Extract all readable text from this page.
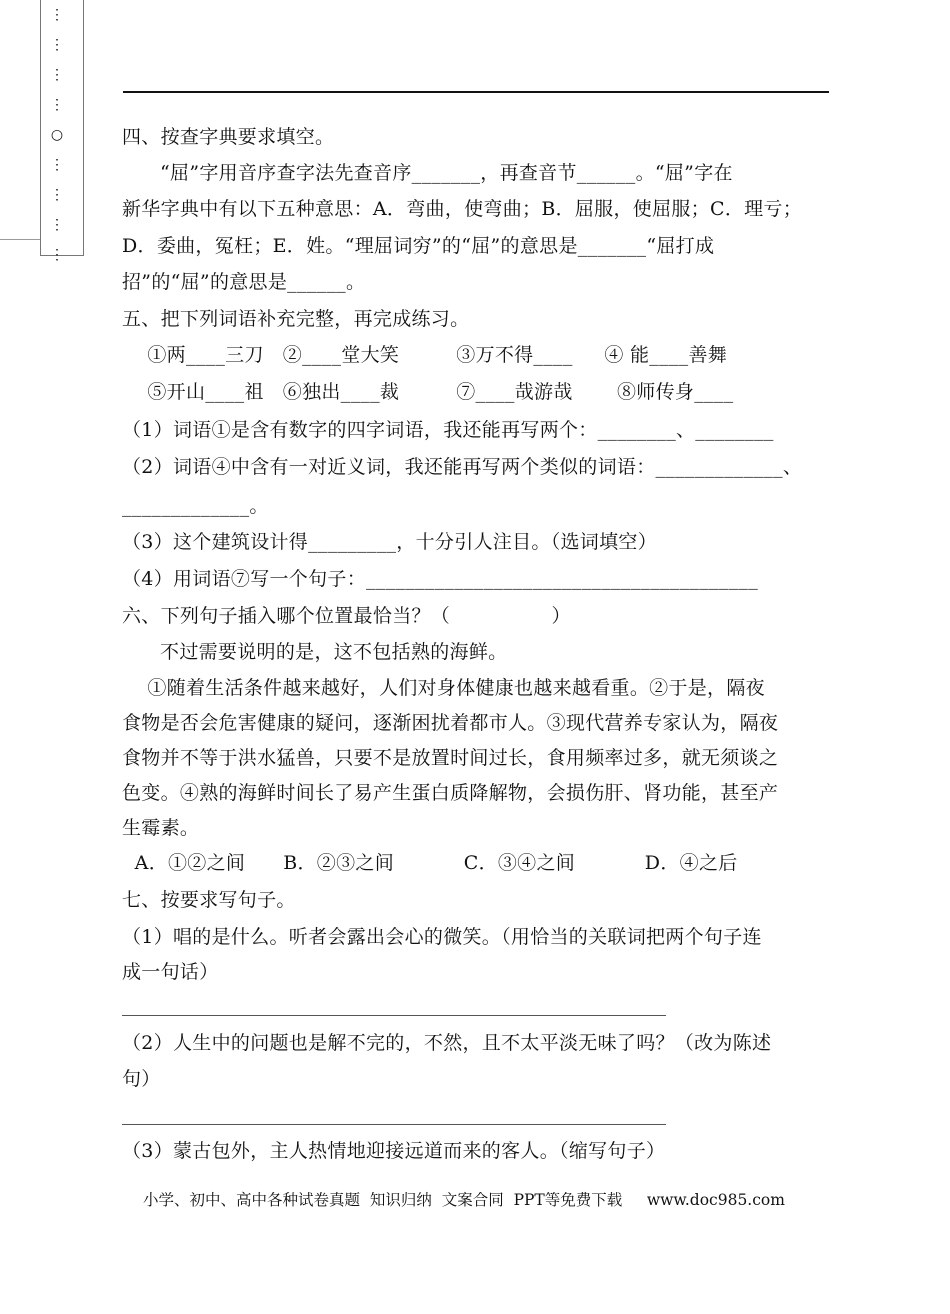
⋮
⋮
⋮
⋮
○
⋮
⋮
⋮
⋮
四、按查字典要求填空。
“屈”字用音序查字法先查音序_______，再查音节______。“屈”字在
新华字典中有以下五种意思：A．弯曲，使弯曲；B．屈服，使屈服；C．理亏；
D．委曲，冤枉；E．姓。“理屈词穷”的“屈”的意思是_______“屈打成
招”的“屈”的意思是______。
五、把下列词语补充完整，再完成练习。
①两____三刀   ②____堂大笑         ③万不得____     ④ 能____善舞
⑤开山____祖   ⑥独出____裁         ⑦____哉游哉       ⑧师传身____
（1）词语①是含有数字的四字词语，我还能再写两个：________、________
（2）词语④中含有一对近义词，我还能再写两个类似的词语：_____________、
_____________。
（3）这个建筑设计得_________，十分引人注目。（选词填空）
（4）用词语⑦写一个句子：________________________________________
六、下列句子插入哪个位置最恰当？（                ）
不过需要说明的是，这不包括熟的海鲜。
①随着生活条件越来越好，人们对身体健康也越来越看重。②于是，隔夜
食物是否会危害健康的疑问，逐渐困扰着都市人。③现代营养专家认为，隔夜
食物并不等于洪水猛兽，只要不是放置时间过长，食用频率过多，就无须谈之
色变。④熟的海鲜时间长了易产生蛋白质降解物，会损伤肝、肾功能，甚至产
生霉素。
A．①②之间      B．②③之间           C．③④之间           D．④之后
七、按要求写句子。
（1）唱的是什么。听者会露出会心的微笑。（用恰当的关联词把两个句子连
成一句话）
（2）人生中的问题也是解不完的，不然，且不太平淡无味了吗？（改为陈述
句）
（3）蒙古包外，主人热情地迎接远道而来的客人。（缩写句子）
小学、初中、高中各种试卷真题  知识归纳  文案合同  PPT等免费下载     www.doc985.com
